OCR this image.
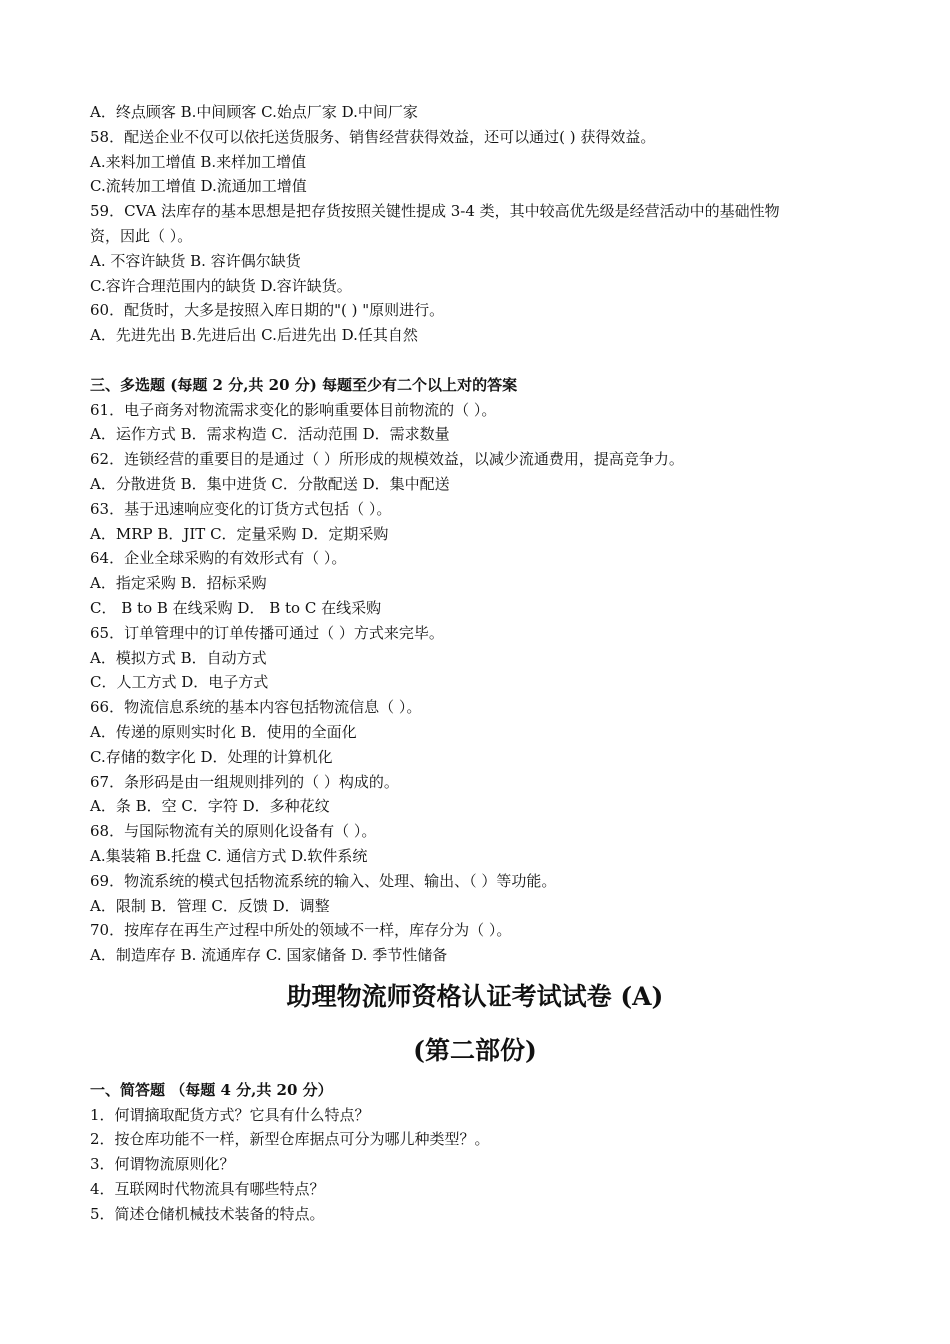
A．终点顾客 B.中间顾客 C.始点厂家 D.中间厂家

58．配送企业不仅可以依托送货服务、销售经营获得效益，还可以通过( ) 获得效益。

A.来料加工增值 B.来样加工增值

C.流转加工增值 D.流通加工增值

59．CVA 法库存的基本思想是把存货按照关键性提成 3-4 类，其中较高优先级是经营活动中的基础性物

资，因此（ ）。

A. 不容许缺货 B. 容许偶尔缺货

C.容许合理范围内的缺货 D.容许缺货。

60．配货时，大多是按照入库日期的"( ) "原则进行。

A．先进先出 B.先进后出 C.后进先出 D.任其自然

三、多选题 (每题 2 分,共 20 分) 每题至少有二个以上对的答案

61．电子商务对物流需求变化的影响重要体目前物流的（ ）。

A．运作方式 B．需求构造 C．活动范围 D．需求数量

62．连锁经营的重要目的是通过（ ）所形成的规模效益，以减少流通费用，提高竞争力。

A．分散进货 B．集中进货 C．分散配送 D．集中配送

63．基于迅速响应变化的订货方式包括（ ）。

A．MRP B．JIT C．定量采购 D．定期采购

64．企业全球采购的有效形式有（ ）。

A．指定采购 B．招标采购

C． B to B 在线采购 D． B to C 在线采购

65．订单管理中的订单传播可通过（ ）方式来完毕。

A．模拟方式 B．自动方式

C．人工方式 D．电子方式

66．物流信息系统的基本内容包括物流信息（ ）。

A．传递的原则实时化 B．使用的全面化

C.存储的数字化 D．处理的计算机化

67．条形码是由一组规则排列的（ ）构成的。

A．条 B．空 C．字符 D．多种花纹

68．与国际物流有关的原则化设备有（ ）。

A.集装箱 B.托盘 C. 通信方式 D.软件系统

69．物流系统的模式包括物流系统的输入、处理、输出、（ ）等功能。

A．限制 B．管理 C．反馈 D．调整

70．按库存在再生产过程中所处的领域不一样，库存分为（ ）。

A．制造库存 B. 流通库存 C. 国家储备 D. 季节性储备

助理物流师资格认证考试试卷 (A)
(第二部份)

一、简答题 （每题 4 分,共 20 分）

1．何谓摘取配货方式？它具有什么特点？

2．按仓库功能不一样，新型仓库据点可分为哪儿种类型？。

3．何谓物流原则化？

4．互联网时代物流具有哪些特点？

5．简述仓储机械技术装备的特点。
